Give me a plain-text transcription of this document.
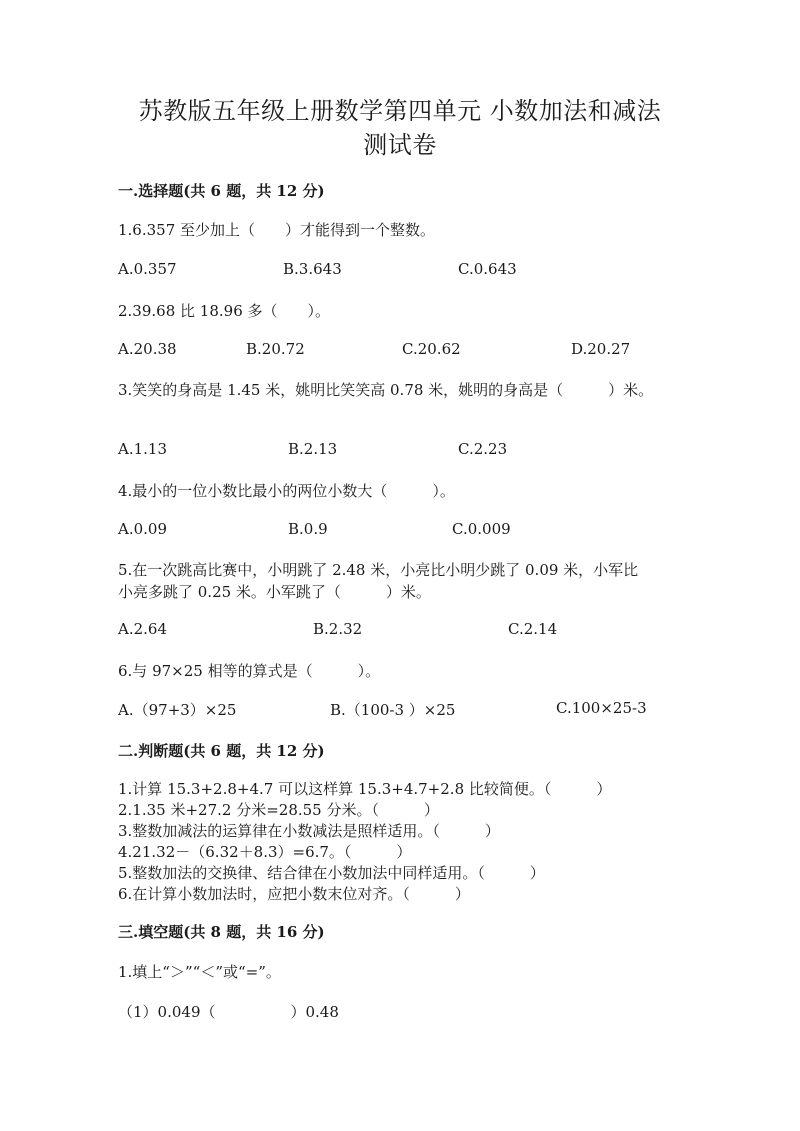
苏教版五年级上册数学第四单元 小数加法和减法
测试卷
一.选择题(共 6 题，共 12 分)
1.6.357 至少加上（　　）才能得到一个整数。
A.0.357	B.3.643	C.0.643
2.39.68 比 18.96 多（　　）。
A.20.38	B.20.72	C.20.62	D.20.27
3.笑笑的身高是 1.45 米，姚明比笑笑高 0.78 米，姚明的身高是（　　　）米。
A.1.13	B.2.13	C.2.23
4.最小的一位小数比最小的两位小数大（　　　）。
A.0.09	B.0.9	C.0.009
5.在一次跳高比赛中，小明跳了 2.48 米，小亮比小明少跳了 0.09 米，小军比
小亮多跳了 0.25 米。小军跳了（　　　）米。
A.2.64	B.2.32	C.2.14
6.与 97×25 相等的算式是（　　　）。
A.（97+3）×25	B.（100-3 ）×25	C.100×25-3
二.判断题(共 6 题，共 12 分)
1.计算 15.3+2.8+4.7 可以这样算 15.3+4.7+2.8 比较简便。（　　　）
2.1.35 米+27.2 分米=28.55 分米。（　　　）
3.整数加减法的运算律在小数减法是照样适用。（　　　）
4.21.32－（6.32＋8.3）=6.7。（　　　）
5.整数加法的交换律、结合律在小数加法中同样适用。（　　　）
6.在计算小数加法时，应把小数末位对齐。（　　　）
三.填空题(共 8 题，共 16 分)
1.填上“＞”“＜”或“=”。
（1）0.049（　　　　　）0.48
